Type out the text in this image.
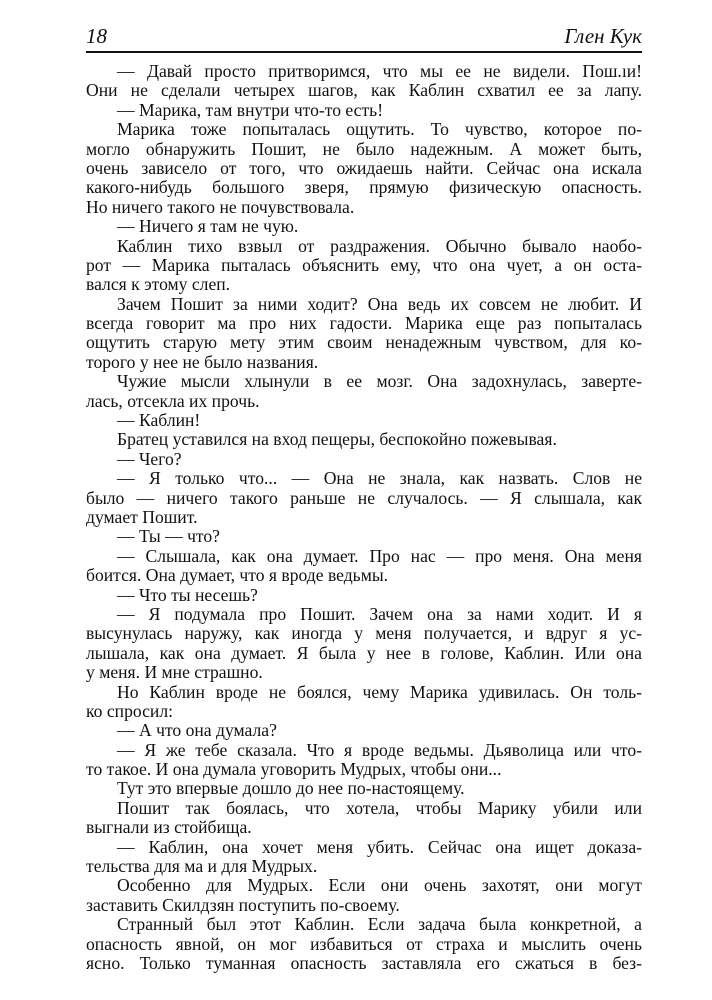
18	Глен Кук
— Давай просто притворимся, что мы ее не видели. Пош.ıи!
Они не сделали четырех шагов, как Каблин схватил ее за лапу.
— Марика, там внутри что-то есть!
Марика тоже попыталась ощутить. То чувство, которое по-
могло обнаружить Пошит, не было надежным. А может быть,
очень зависело от того, что ожидаешь найти. Сейчас она искала
какого-нибудь большого зверя, прямую физическую опасность.
Но ничего такого не почувствовала.
— Ничего я там не чую.
Каблин тихо взвыл от раздражения. Обычно бывало наобо-
рот — Марика пыталась объяснить ему, что она чует, а он оста-
вался к этому слеп.
Зачем Пошит за ними ходит? Она ведь их совсем не любит. И
всегда говорит ма про них гадости. Марика еще раз попыталась
ощутить старую мету этим своим ненадежным чувством, для ко-
торого у нее не было названия.
Чужие мысли хлынули в ее мозг. Она задохнулась, заверте-
лась, отсекла их прочь.
— Каблин!
Братец уставился на вход пещеры, беспокойно пожевывая.
— Чего?
— Я только что... — Она не знала, как назвать. Слов не
было — ничего такого раньше не случалось. — Я слышала, как
думает Пошит.
— Ты — что?
— Слышала, как она думает. Про нас — про меня. Она меня
боится. Она думает, что я вроде ведьмы.
— Что ты несешь?
— Я подумала про Пошит. Зачем она за нами ходит. И я
высунулась наружу, как иногда у меня получается, и вдруг я ус-
лышала, как она думает. Я была у нее в голове, Каблин. Или она
у меня. И мне страшно.
Но Каблин вроде не боялся, чему Марика удивилась. Он толь-
ко спросил:
— А что она думала?
— Я же тебе сказала. Что я вроде ведьмы. Дьяволица или что-
то такое. И она думала уговорить Мудрых, чтобы они...
Тут это впервые дошло до нее по-настоящему.
Пошит так боялась, что хотела, чтобы Марику убили или
выгнали из стойбища.
— Каблин, она хочет меня убить. Сейчас она ищет доказа-
тельства для ма и для Мудрых.
Особенно для Мудрых. Если они очень захотят, они могут
заставить Скилдзян поступить по-своему.
Странный был этот Каблин. Если задача была конкретной, а
опасность явной, он мог избавиться от страха и мыслить очень
ясно. Только туманная опасность заставляла его сжаться в без-
